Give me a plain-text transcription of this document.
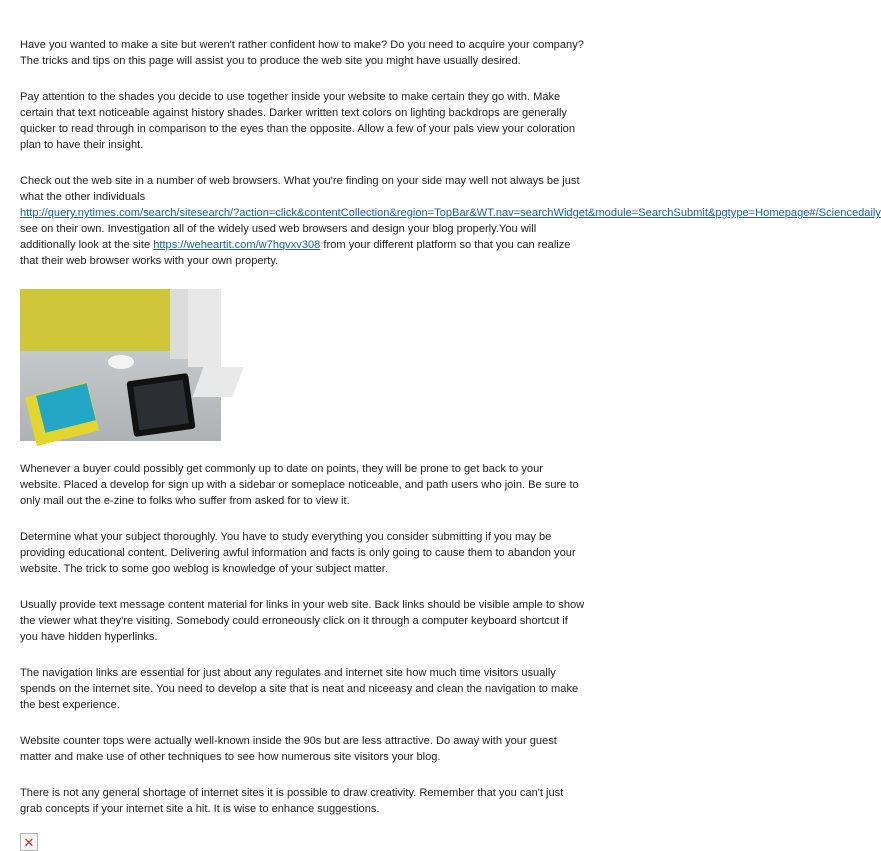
Have you wanted to make a site but weren't rather confident how to make? Do you need to acquire your company? The tricks and tips on this page will assist you to produce the web site you might have usually desired.

Pay attention to the shades you decide to use together inside your website to make certain they go with. Make certain that text noticeable against history shades. Darker written text colors on lighting backdrops are generally quicker to read through in comparison to the eyes than the opposite. Allow a few of your pals view your coloration plan to have their insight.

Check out the web site in a number of web browsers. What you're finding on your side may well not always be just what the other individuals
http://query.nytimes.com/search/sitesearch/?action=click&contentCollection&region=TopBar&WT.nav=searchWidget&module=SearchSubmit&pgtype=Homepage#/Sciencedaily
see on their own. Investigation all of the widely used web browsers and design your blog properly.You will additionally look at the site https://weheartit.com/w7hqvxv308 from your different platform so that you can realize that their web browser works with your own property.

Whenever a buyer could possibly get commonly up to date on points, they will be prone to get back to your website. Placed a develop for sign up with a sidebar or someplace noticeable, and path users who join. Be sure to only mail out the e-zine to folks who suffer from asked for to view it.

Determine what your subject thoroughly. You have to study everything you consider submitting if you may be providing educational content. Delivering awful information and facts is only going to cause them to abandon your website. The trick to some goo weblog is knowledge of your subject matter.

Usually provide text message content material for links in your web site. Back links should be visible ample to show the viewer what they're visiting. Somebody could erroneously click on it through a computer keyboard shortcut if you have hidden hyperlinks.

The navigation links are essential for just about any regulates and internet site how much time visitors usually spends on the internet site. You need to develop a site that is neat and niceeasy and clean the navigation to make the best experience.

Website counter tops were actually well-known inside the 90s but are less attractive. Do away with your guest matter and make use of other techniques to see how numerous site visitors your blog.

There is not any general shortage of internet sites it is possible to draw creativity. Remember that you can't just grab concepts if your internet site a hit. It is wise to enhance suggestions.

✕
